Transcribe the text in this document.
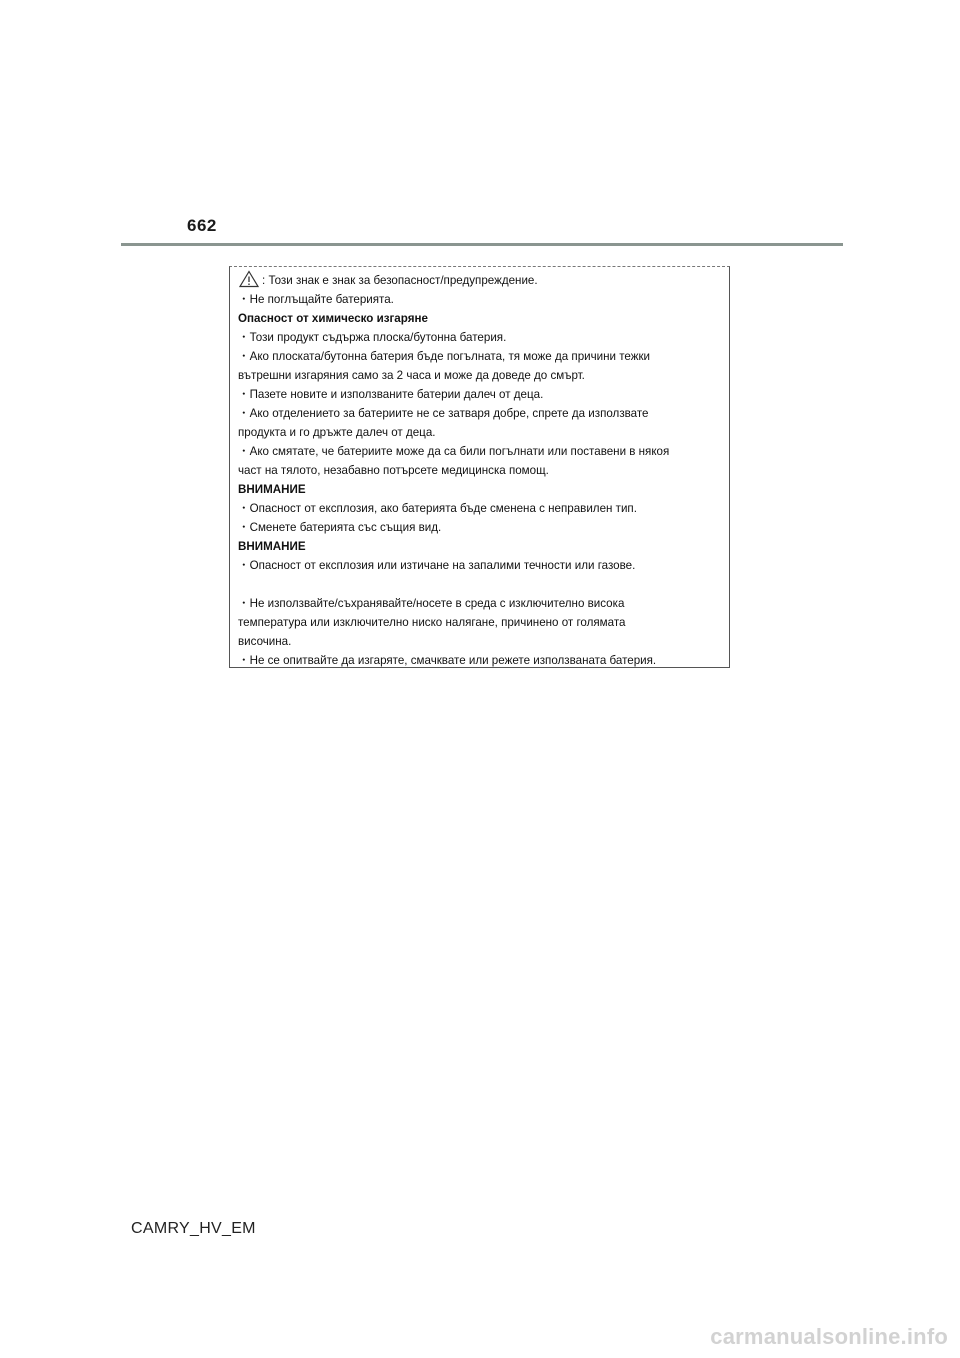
662
: Този знак е знак за безопасност/предупреждение.
・Не поглъщайте батерията.
Опасност от химическо изгаряне
・Този продукт съдържа плоска/бутонна батерия.
・Ако плоската/бутонна батерия бъде погълната, тя може да причини тежки
вътрешни изгаряния само за 2 часа и може да доведе до смърт.
・Пазете новите и използваните батерии далеч от деца.
・Ако отделението за батериите не се затваря добре, спрете да използвате
продукта и го дръжте далеч от деца.
・Ако смятате, че батериите може да са били погълнати или поставени в някоя
част на тялото, незабавно потърсете медицинска помощ.
ВНИМАНИЕ
・Опасност от експлозия, ако батерията бъде сменена с неправилен тип.
・Сменете батерията със същия вид.
ВНИМАНИЕ
・Опасност от експлозия или изтичане на запалими течности или газове.
・Не използвайте/съхранявайте/носете в среда с изключително висока
температура или изключително ниско налягане, причинено от голямата
височина.
・Не се опитвайте да изгаряте, смачквате или режете използваната батерия.
CAMRY_HV_EM
carmanualsonline.info
